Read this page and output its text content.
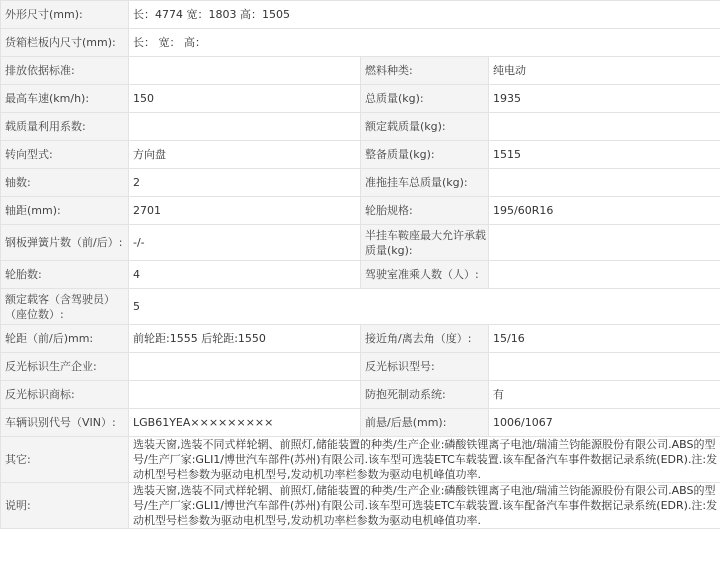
外形尺寸(mm):	长：4774 宽：1803 高：1505		
货箱栏板内尺寸(mm):	长： 宽： 高：		
排放依据标准:		燃料种类:	纯电动
最高车速(km/h):	150	总质量(kg):	1935
载质量利用系数:		额定载质量(kg):	
转向型式:	方向盘	整备质量(kg):	1515
轴数:	2	准拖挂车总质量(kg):	
轴距(mm):	2701	轮胎规格:	195/60R16
钢板弹簧片数（前/后）:	-/-	半挂车鞍座最大允许承载质量(kg):	
轮胎数:	4	驾驶室准乘人数（人）:	
额定载客（含驾驶员）（座位数）:	5		
轮距（前/后)mm:	前轮距:1555 后轮距:1550	接近角/离去角（度）:	15/16
反光标识生产企业:		反光标识型号:	
反光标识商标:		防抱死制动系统:	有
车辆识别代号（VIN）:	LGB61YEA×××××××××	前悬/后悬(mm):	1006/1067
其它:	选装天窗,选装不同式样轮辋、前照灯,储能装置的种类/生产企业:磷酸铁锂离子电池/瑞浦兰钧能源股份有限公司.ABS的型号/生产厂家:GLI1/博世汽车部件(苏州)有限公司.该车型可选装ETC车载装置.该车配备汽车事件数据记录系统(EDR).注:发动机型号栏参数为驱动电机型号,发动机功率栏参数为驱动电机峰值功率.		
说明:	选装天窗,选装不同式样轮辋、前照灯,储能装置的种类/生产企业:磷酸铁锂离子电池/瑞浦兰钧能源股份有限公司.ABS的型号/生产厂家:GLI1/博世汽车部件(苏州)有限公司.该车型可选装ETC车载装置.该车配备汽车事件数据记录系统(EDR).注:发动机型号栏参数为驱动电机型号,发动机功率栏参数为驱动电机峰值功率.		
